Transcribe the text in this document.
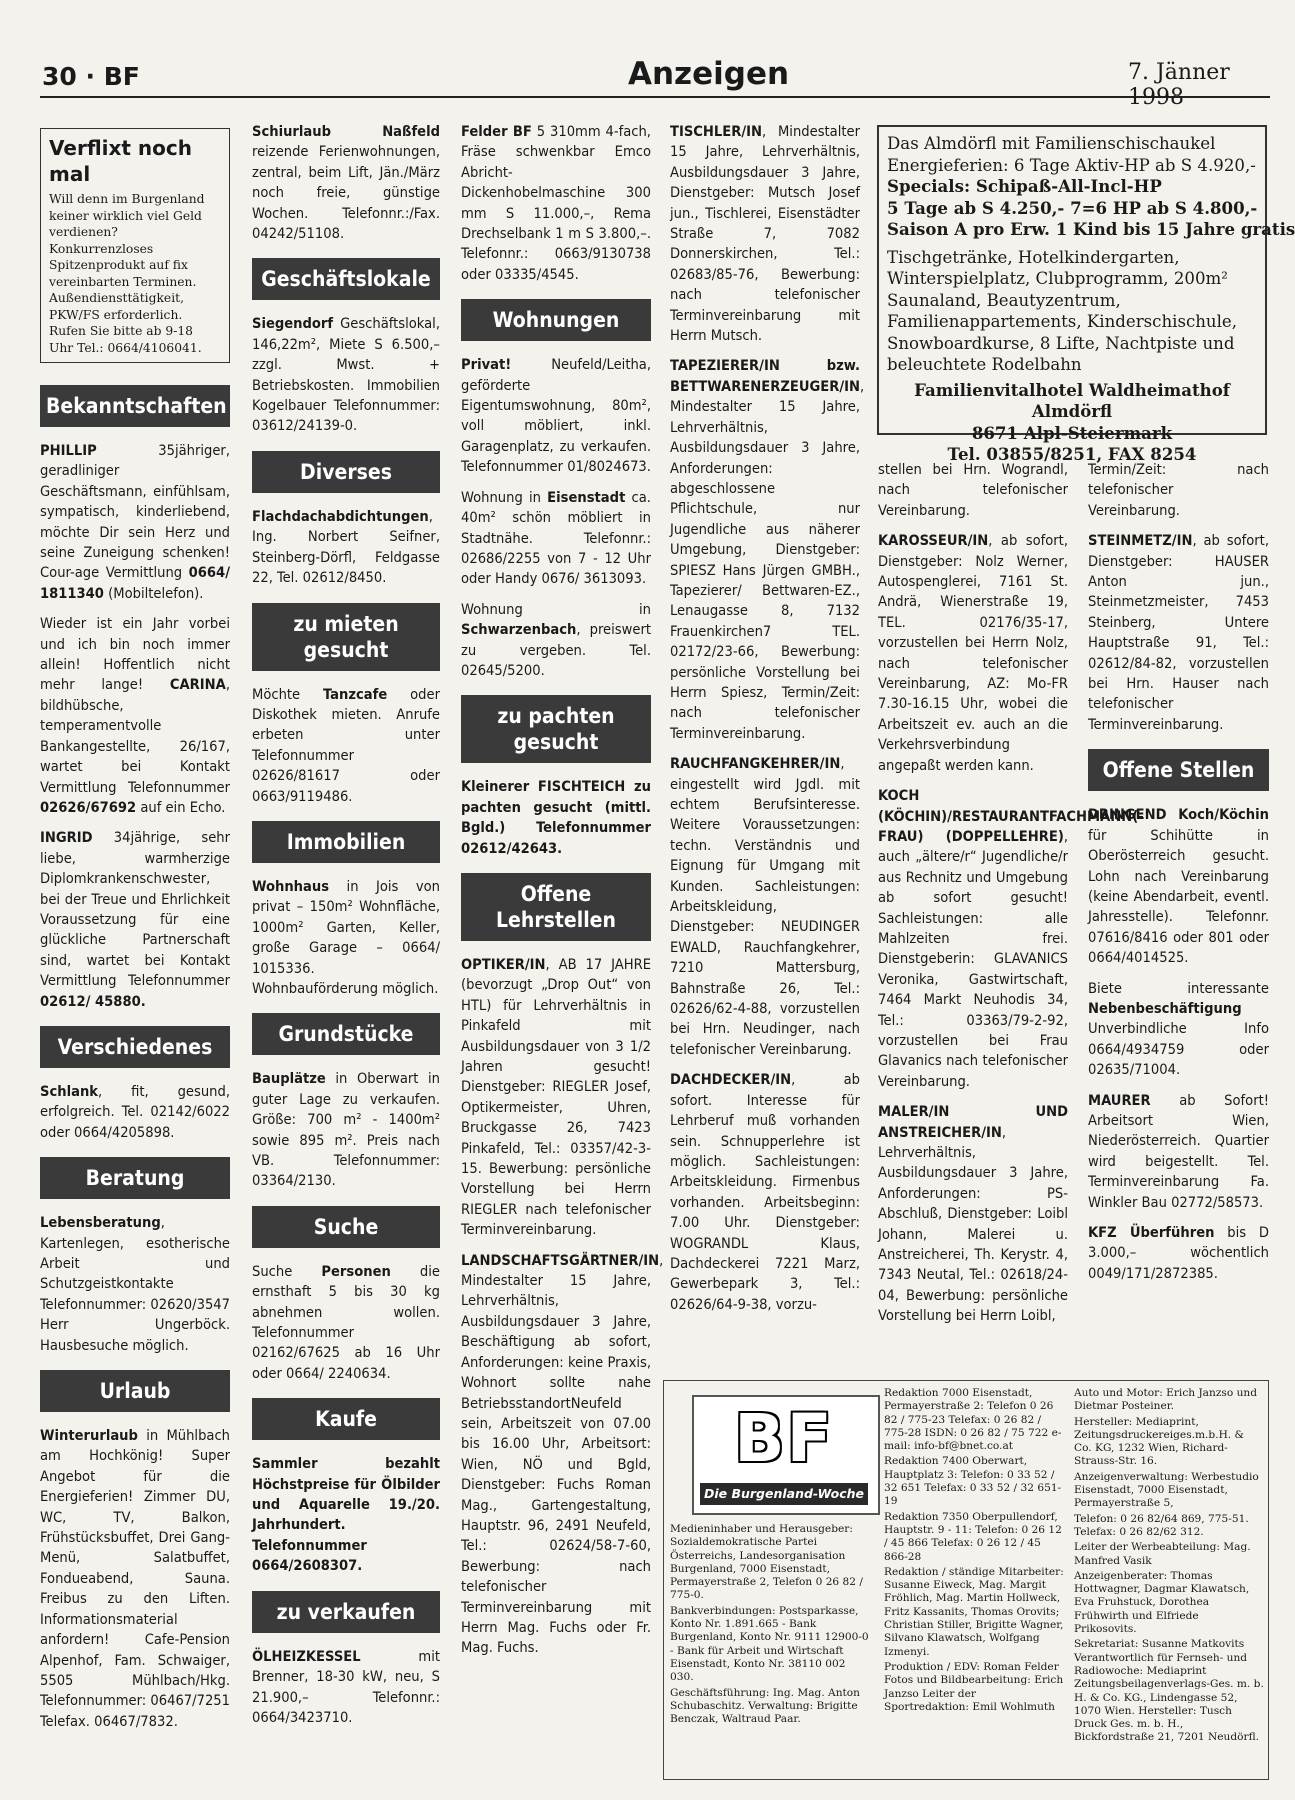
30 · BF	Anzeigen	7. Jänner 1998
Verflixt noch mal
Will denn im Burgenland keiner wirklich viel Geld verdienen? Konkurrenzloses Spitzenprodukt auf fix vereinbarten Terminen. Außendiensttätigkeit, PKW/FS erforderlich. Rufen Sie bitte ab 9-18 Uhr Tel.: 0664/4106041.
Bekanntschaften

PHILLIP 35jähriger, geradliniger Geschäftsmann, einfühlsam, sympatisch, kinderliebend, möchte Dir sein Herz und seine Zuneigung schenken! Cour-age Vermittlung 0664/ 1811340 (Mobiltelefon).

Wieder ist ein Jahr vorbei und ich bin noch immer allein! Hoffentlich nicht mehr lange! CARINA, bildhübsche, temperamentvolle Bankangestellte, 26/167, wartet bei Kontakt Vermittlung Telefonnummer 02626/67692 auf ein Echo.

INGRID 34jährige, sehr liebe, warmherzige Diplomkrankenschwester, bei der Treue und Ehrlichkeit Voraussetzung für eine glückliche Partnerschaft sind, wartet bei Kontakt Vermittlung Telefonnummer 02612/ 45880.

Verschiedenes

Schlank, fit, gesund, erfolgreich. Tel. 02142/6022 oder 0664/4205898.

Beratung

Lebensberatung, Kartenlegen, esotherische Arbeit und Schutzgeistkontakte Telefonnummer: 02620/3547 Herr Ungerböck. Hausbesuche möglich.

Urlaub

Winterurlaub in Mühlbach am Hochkönig! Super Angebot für die Energieferien! Zimmer DU, WC, TV, Balkon, Frühstücksbuffet, Drei Gang-Menü, Salatbuffet, Fondueabend, Sauna. Freibus zu den Liften. Informationsmaterial anfordern! Cafe-Pension Alpenhof, Fam. Schwaiger, 5505 Mühlbach/Hkg. Telefonnummer: 06467/7251 Telefax. 06467/7832.

Schiurlaub Naßfeld reizende Ferienwohnungen, zentral, beim Lift, Jän./März noch freie, günstige Wochen. Telefonnr.:/Fax. 04242/51108.

Geschäftslokale

Siegendorf Geschäftslokal, 146,22m², Miete S 6.500,– zzgl. Mwst. + Betriebskosten. Immobilien Kogelbauer Telefonnummer: 03612/24139-0.

Diverses

Flachdachabdichtungen, Ing. Norbert Seifner, Steinberg-Dörfl, Feldgasse 22, Tel. 02612/8450.

zu mieten gesucht

Möchte Tanzcafe oder Diskothek mieten. Anrufe erbeten unter Telefonnummer 02626/81617 oder 0663/9119486.

Immobilien

Wohnhaus in Jois von privat – 150m² Wohnfläche, 1000m² Garten, Keller, große Garage – 0664/ 1015336. Wohnbauförderung möglich.

Grundstücke

Bauplätze in Oberwart in guter Lage zu verkaufen. Größe: 700 m² - 1400m² sowie 895 m². Preis nach VB. Telefonnummer: 03364/2130.

Suche

Suche Personen die ernsthaft 5 bis 30 kg abnehmen wollen. Telefonnummer 02162/67625 ab 16 Uhr oder 0664/ 2240634.

Kaufe

Sammler bezahlt Höchstpreise für Ölbilder und Aquarelle 19./20. Jahrhundert. Telefonnummer 0664/2608307.

zu verkaufen

ÖLHEIZKESSEL mit Brenner, 18-30 kW, neu, S 21.900,– Telefonnr.: 0664/3423710.

Felder BF 5 310mm 4-fach, Fräse schwenkbar Emco Abricht-Dickenhobelmaschine 300 mm S 11.000,–, Rema Drechselbank 1 m S 3.800,–. Telefonnr.: 0663/9130738 oder 03335/4545.

Wohnungen

Privat! Neufeld/Leitha, geförderte Eigentumswohnung, 80m², voll möbliert, inkl. Garagenplatz, zu verkaufen. Telefonnummer 01/8024673.

Wohnung in Eisenstadt ca. 40m² schön möbliert in Stadtnähe. Telefonnr.: 02686/2255 von 7 - 12 Uhr oder Handy 0676/ 3613093.

Wohnung in Schwarzenbach, preiswert zu vergeben. Tel. 02645/5200.

zu pachten gesucht

Kleinerer FISCHTEICH zu pachten gesucht (mittl. Bgld.) Telefonnummer 02612/42643.

Offene Lehrstellen

OPTIKER/IN, AB 17 JAHRE (bevorzugt „Drop Out“ von HTL) für Lehrverhältnis in Pinkafeld mit Ausbildungsdauer von 3 1/2 Jahren gesucht! Dienstgeber: RIEGLER Josef, Optikermeister, Uhren, Bruckgasse 26, 7423 Pinkafeld, Tel.: 03357/42-3-15. Bewerbung: persönliche Vorstellung bei Herrn RIEGLER nach telefonischer Terminvereinbarung.

LANDSCHAFTSGÄRTNER/IN, Mindestalter 15 Jahre, Lehrverhältnis, Ausbildungsdauer 3 Jahre, Beschäftigung ab sofort, Anforderungen: keine Praxis, Wohnort sollte nahe BetriebsstandortNeufeld sein, Arbeitszeit von 07.00 bis 16.00 Uhr, Arbeitsort: Wien, NÖ und Bgld, Dienstgeber: Fuchs Roman Mag., Gartengestaltung, Hauptstr. 96, 2491 Neufeld, Tel.: 02624/58-7-60, Bewerbung: nach telefonischer Terminvereinbarung mit Herrn Mag. Fuchs oder Fr. Mag. Fuchs.

TISCHLER/IN, Mindestalter 15 Jahre, Lehrverhältnis, Ausbildungsdauer 3 Jahre, Dienstgeber: Mutsch Josef jun., Tischlerei, Eisenstädter Straße 7, 7082 Donnerskirchen, Tel.: 02683/85-76, Bewerbung: nach telefonischer Terminvereinbarung mit Herrn Mutsch.

TAPEZIERER/IN bzw. BETTWARENERZEUGER/IN, Mindestalter 15 Jahre, Lehrverhältnis, Ausbildungsdauer 3 Jahre, Anforderungen: abgeschlossene Pflichtschule, nur Jugendliche aus näherer Umgebung, Dienstgeber: SPIESZ Hans Jürgen GMBH., Tapezierer/ Bettwaren-EZ., Lenaugasse 8, 7132 Frauenkirchen7 TEL. 02172/23-66, Bewerbung: persönliche Vorstellung bei Herrn Spiesz, Termin/Zeit: nach telefonischer Terminvereinbarung.

RAUCHFANGKEHRER/IN, eingestellt wird Jgdl. mit echtem Berufsinteresse. Weitere Voraussetzungen: techn. Verständnis und Eignung für Umgang mit Kunden. Sachleistungen: Arbeitskleidung, Dienstgeber: NEUDINGER EWALD, Rauchfangkehrer, 7210 Mattersburg, Bahnstraße 26, Tel.: 02626/62-4-88, vorzustellen bei Hrn. Neudinger, nach telefonischer Vereinbarung.

DACHDECKER/IN, ab sofort. Interesse für Lehrberuf muß vorhanden sein. Schnupperlehre ist möglich. Sachleistungen: Arbeitskleidung. Firmenbus vorhanden. Arbeitsbeginn: 7.00 Uhr. Dienstgeber: WOGRANDL Klaus, Dachdeckerei 7221 Marz, Gewerbepark 3, Tel.: 02626/64-9-38, vorzu-

Das Almdörfl mit Familienschischaukel
Energieferien: 6 Tage Aktiv-HP ab S 4.920,-
Specials: Schipaß-All-Incl-HP
5 Tage ab S 4.250,- 7=6 HP ab S 4.800,-
Saison A pro Erw. 1 Kind bis 15 Jahre gratis
Tischgetränke, Hotelkindergarten, Winterspielplatz, Clubprogramm, 200m² Saunaland, Beautyzentrum, Familienappartements, Kinderschischule, Snowboardkurse, 8 Lifte, Nachtpiste und beleuchtete Rodelbahn
Familienvitalhotel Waldheimathof Almdörfl
8671 Alpl-Steiermark
Tel. 03855/8251, FAX 8254

stellen bei Hrn. Wograndl, nach telefonischer Vereinbarung.

KAROSSEUR/IN, ab sofort, Dienstgeber: Nolz Werner, Autospenglerei, 7161 St. Andrä, Wienerstraße 19, TEL. 02176/35-17, vorzustellen bei Herrn Nolz, nach telefonischer Vereinbarung, AZ: Mo-FR 7.30-16.15 Uhr, wobei die Arbeitszeit ev. auch an die Verkehrsverbindung angepaßt werden kann.

KOCH (KÖCHIN)/RESTAURANTFACHMANN(-FRAU) (DOPPELLEHRE), auch „ältere/r“ Jugendliche/r aus Rechnitz und Umgebung ab sofort gesucht! Sachleistungen: alle Mahlzeiten frei. Dienstgeberin: GLAVANICS Veronika, Gastwirtschaft, 7464 Markt Neuhodis 34, Tel.: 03363/79-2-92, vorzustellen bei Frau Glavanics nach telefonischer Vereinbarung.

MALER/IN UND ANSTREICHER/IN, Lehrverhältnis, Ausbildungsdauer 3 Jahre, Anforderungen: PS-Abschluß, Dienstgeber: Loibl Johann, Malerei u. Anstreicherei, Th. Kerystr. 4, 7343 Neutal, Tel.: 02618/24-04, Bewerbung: persönliche Vorstellung bei Herrn Loibl,

Termin/Zeit: nach telefonischer Vereinbarung.

STEINMETZ/IN, ab sofort, Dienstgeber: HAUSER Anton jun., Steinmetzmeister, 7453 Steinberg, Untere Hauptstraße 91, Tel.: 02612/84-82, vorzustellen bei Hrn. Hauser nach telefonischer Terminvereinbarung.

Offene Stellen

DRINGEND Koch/Köchin für Schihütte in Oberösterreich gesucht. Lohn nach Vereinbarung (keine Abendarbeit, eventl. Jahresstelle). Telefonnr. 07616/8416 oder 801 oder 0664/4014525.

Biete interessante Nebenbeschäftigung Unverbindliche Info 0664/4934759 oder 02635/71004.

MAURER ab Sofort! Arbeitsort Wien, Niederösterreich. Quartier wird beigestellt. Tel. Terminvereinbarung Fa. Winkler Bau 02772/58573.

KFZ Überführen bis D 3.000,– wöchentlich 0049/171/2872385.

BF
Die Burgenland-Woche

Medieninhaber und Herausgeber: Sozialdemokratische Partei Österreichs, Landesorganisation Burgenland, 7000 Eisenstadt, Permayerstraße 2, Telefon 0 26 82 / 775-0.

Bankverbindungen: Postsparkasse, Konto Nr. 1.891.665 - Bank Burgenland, Konto Nr. 9111 12900-0 - Bank für Arbeit und Wirtschaft Eisenstadt, Konto Nr. 38110 002 030.

Geschäftsführung: Ing. Mag. Anton Schubaschitz. Verwaltung: Brigitte Benczak, Waltraud Paar.

Redaktion 7000 Eisenstadt, Permayerstraße 2: Telefon 0 26 82 / 775-23 Telefax: 0 26 82 / 775-28 ISDN: 0 26 82 / 75 722 e-mail: info-bf@bnet.co.at

Redaktion 7400 Oberwart, Hauptplatz 3: Telefon: 0 33 52 / 32 651 Telefax: 0 33 52 / 32 651-19

Redaktion 7350 Oberpullendorf, Hauptstr. 9 - 11: Telefon: 0 26 12 / 45 866 Telefax: 0 26 12 / 45 866-28

Redaktion / ständige Mitarbeiter: Susanne Eiweck, Mag. Margit Fröhlich, Mag. Martin Hollweck, Fritz Kassanits, Thomas Orovits; Christian Stiller, Brigitte Wagner, Silvano Klawatsch, Wolfgang Izmenyi.

Produktion / EDV: Roman Felder Fotos und Bildbearbeitung: Erich Janzso Leiter der Sportredaktion: Emil Wohlmuth

Auto und Motor: Erich Janzso und Dietmar Posteiner.

Hersteller: Mediaprint, Zeitungsdruckereiges.m.b.H. & Co. KG, 1232 Wien, Richard-Strauss-Str. 16.

Anzeigenverwaltung: Werbestudio Eisenstadt, 7000 Eisenstadt, Permayerstraße 5,

Telefon: 0 26 82/64 869, 775-51. Telefax: 0 26 82/62 312.

Leiter der Werbeabteilung: Mag. Manfred Vasik

Anzeigenberater: Thomas Hottwagner, Dagmar Klawatsch, Eva Fruhstuck, Dorothea Frühwirth und Elfriede Prikosovits.

Sekretariat: Susanne Matkovits Verantwortlich für Fernseh- und Radiowoche: Mediaprint Zeitungsbeilagenverlags-Ges. m. b. H. & Co. KG., Lindengasse 52, 1070 Wien. Hersteller: Tusch Druck Ges. m. b. H., Bickfordstraße 21, 7201 Neudörfl.
